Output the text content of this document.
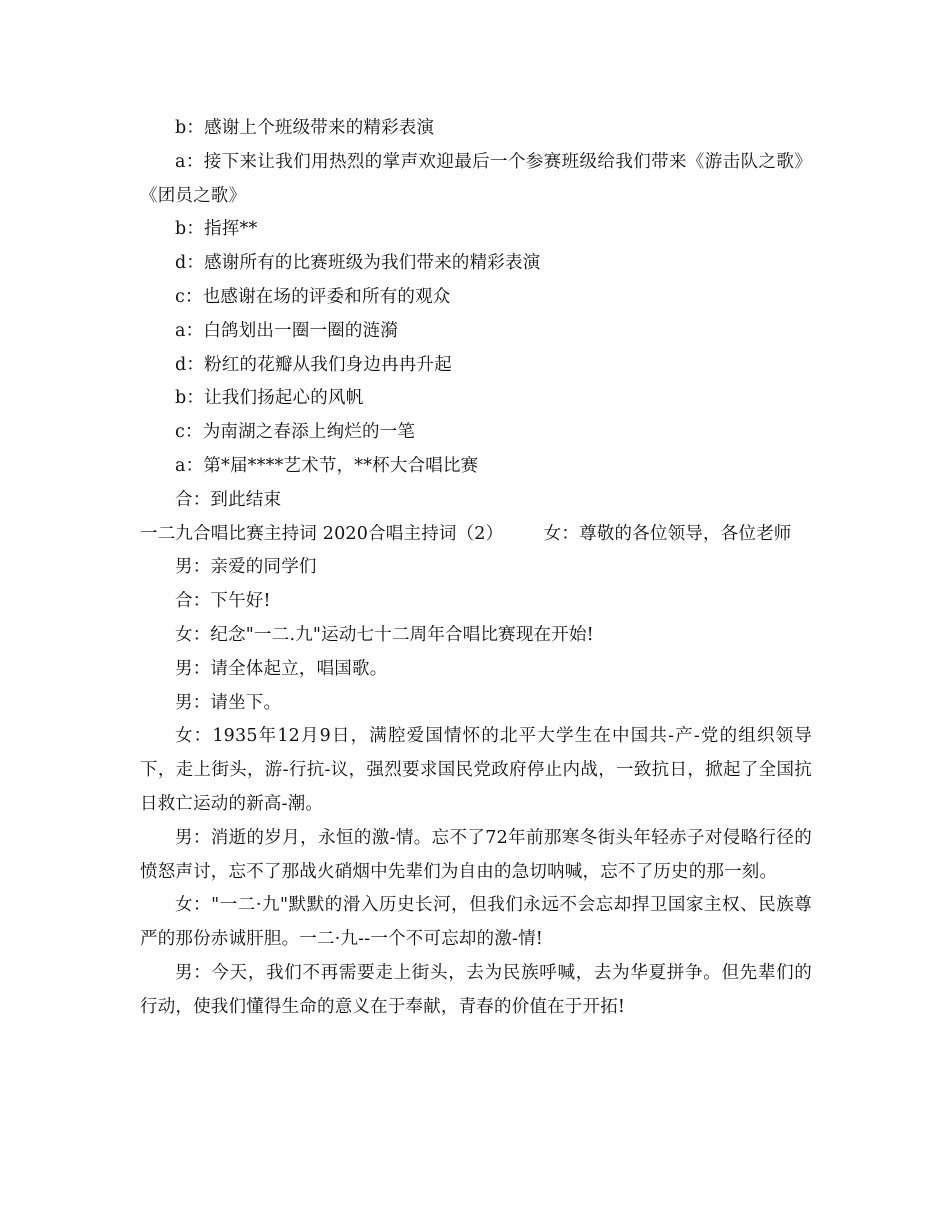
b：感谢上个班级带来的精彩表演

a：接下来让我们用热烈的掌声欢迎最后一个参赛班级给我们带来《游击队之歌》《团员之歌》

b：指挥**

d：感谢所有的比赛班级为我们带来的精彩表演

c：也感谢在场的评委和所有的观众

a：白鸽划出一圈一圈的涟漪

d：粉红的花瓣从我们身边冉冉升起

b：让我们扬起心的风帆

c：为南湖之春添上绚烂的一笔

a：第*届****艺术节，**杯大合唱比赛

合：到此结束

一二九合唱比赛主持词 2020合唱主持词（2）       女：尊敬的各位领导，各位老师

男：亲爱的同学们

合：下午好!

女：纪念"一二.九"运动七十二周年合唱比赛现在开始!

男：请全体起立，唱国歌。

男：请坐下。

女：1935年12月9日，满腔爱国情怀的北平大学生在中国共-产-党的组织领导下，走上街头，游-行抗-议，强烈要求国民党政府停止内战，一致抗日，掀起了全国抗日救亡运动的新高-潮。

男：消逝的岁月，永恒的激-情。忘不了72年前那寒冬街头年轻赤子对侵略行径的愤怒声讨，忘不了那战火硝烟中先辈们为自由的急切呐喊，忘不了历史的那一刻。

女："一二·九"默默的滑入历史长河，但我们永远不会忘却捍卫国家主权、民族尊严的那份赤诚肝胆。一二·九--一个不可忘却的激-情!

男：今天，我们不再需要走上街头，去为民族呼喊，去为华夏拼争。但先辈们的行动，使我们懂得生命的意义在于奉献，青春的价值在于开拓!
